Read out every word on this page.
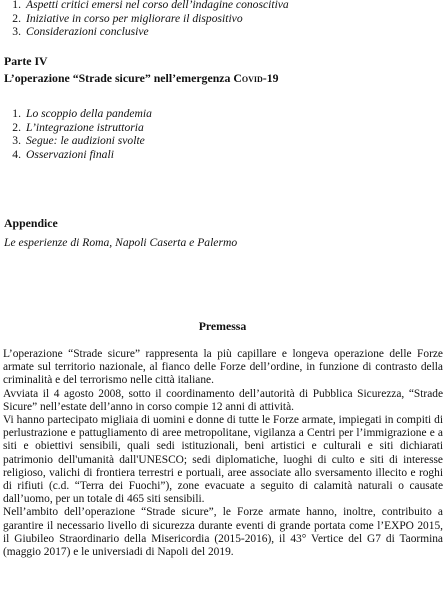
1. Aspetti critici emersi nel corso dell’indagine conoscitiva
2. Iniziative in corso per migliorare il dispositivo
3. Considerazioni conclusive
Parte IV
L’operazione “Strade sicure” nell’emergenza Covid-19
1. Lo scoppio della pandemia
2. L’integrazione istruttoria
3. Segue: le audizioni svolte
4. Osservazioni finali
Appendice
Le esperienze di Roma, Napoli Caserta e Palermo
Premessa

L’operazione “Strade sicure” rappresenta la più capillare e longeva operazione delle Forze armate sul territorio nazionale, al fianco delle Forze dell’ordine, in funzione di contrasto della criminalità e del terrorismo nelle città italiane.

Avviata il 4 agosto 2008, sotto il coordinamento dell’autorità di Pubblica Sicurezza, “Strade Sicure” nell’estate dell’anno in corso compie 12 anni di attività.

Vi hanno partecipato migliaia di uomini e donne di tutte le Forze armate, impiegati in compiti di perlustrazione e pattugliamento di aree metropolitane, vigilanza a Centri per l’immigrazione e a siti e obiettivi sensibili, quali sedi istituzionali, beni artistici e culturali e siti dichiarati patrimonio dell'umanità dall'UNESCO; sedi diplomatiche, luoghi di culto e siti di interesse religioso, valichi di frontiera terrestri e portuali, aree associate allo sversamento illecito e roghi di rifiuti (c.d. “Terra dei Fuochi”), zone evacuate a seguito di calamità naturali o causate dall’uomo, per un totale di 465 siti sensibili.

Nell’ambito dell’operazione “Strade sicure”, le Forze armate hanno, inoltre, contribuito a garantire il necessario livello di sicurezza durante eventi di grande portata come l’EXPO 2015, il Giubileo Straordinario della Misericordia (2015-2016), il 43° Vertice del G7 di Taormina (maggio 2017) e le universiadi di Napoli del 2019.
